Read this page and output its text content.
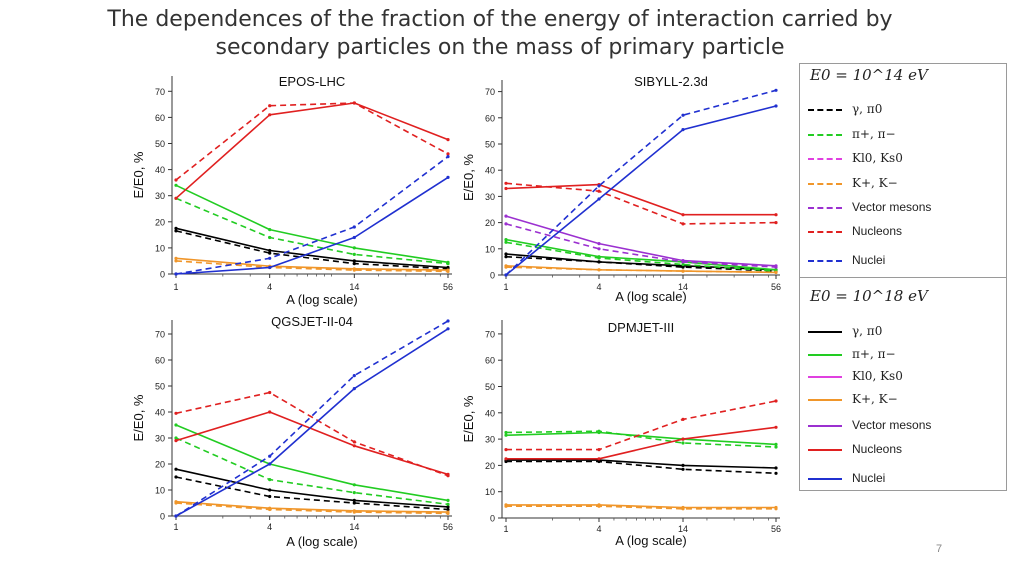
The dependences of the fraction of the energy of interaction carried by secondary particles on the mass of primary particle
E0 = 10^14 eV
E0 = 10^18 eV
γ, π0
π+, π−
Kl0, Ks0
K+, K−
Vector mesons
Nucleons
Nuclei
γ, π0
π+, π−
Kl0, Ks0
K+, K−
Vector mesons
Nucleons
Nuclei
0
10
20
30
40
50
60
70
1	4	14	56
EPOS-LHC
A (log scale)
E/E0, %
0
10
20
30
40
50
60
70
1	4	14	56
SIBYLL-2.3d
A (log scale)
E/E0, %
0
10
20
30
40
50
60
70
1	4	14	56
QGSJET-II-04
A (log scale)
E/E0, %
0
10
20
30
40
50
60
70
1	4	14	56
DPMJET-III
A (log scale)
E/E0, %
7
